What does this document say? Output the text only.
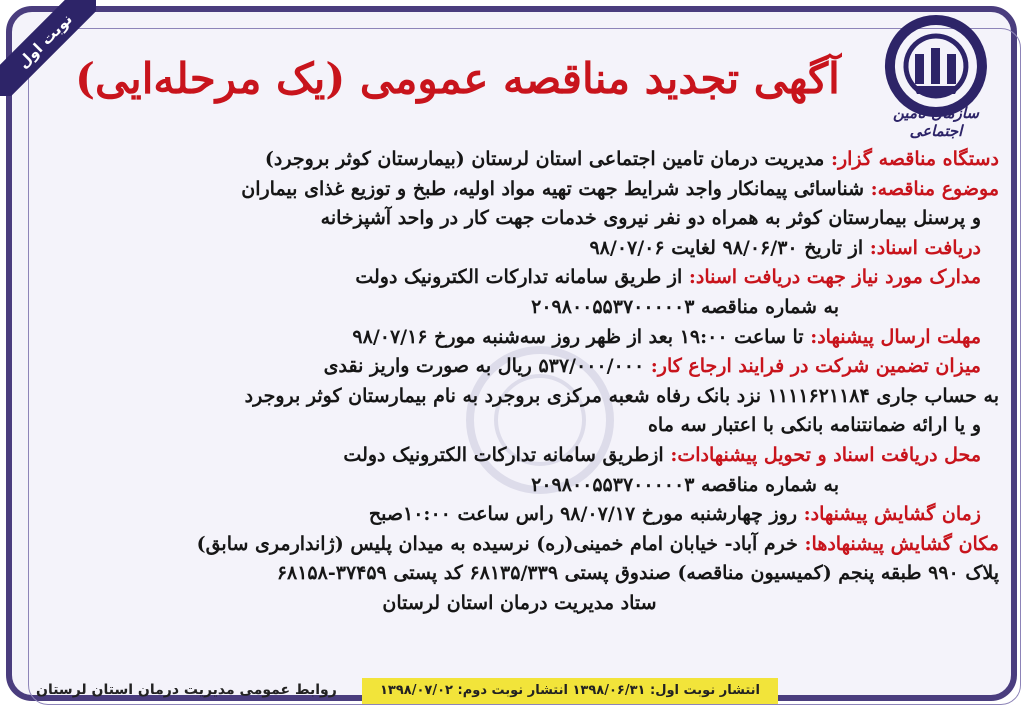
نوبت اول
سازمان تامین اجتماعی
آگهی تجدید مناقصه عمومی (یک مرحله‌ایی)
دستگاه مناقصه گزار: مدیریت درمان تامین اجتماعی استان لرستان (بیمارستان کوثر بروجرد)
موضوع مناقصه: شناسائی پیمانکار واجد شرایط جهت تهیه مواد اولیه، طبخ و توزیع غذای بیماران
و پرسنل بیمارستان کوثر به همراه دو نفر نیروی خدمات جهت کار در واحد آشپزخانه
دریافت اسناد: از تاریخ ۹۸/۰۶/۳۰ لغایت ۹۸/۰۷/۰۶
مدارک مورد نیاز جهت دریافت اسناد: از طریق سامانه تدارکات الکترونیک دولت
به شماره مناقصه ۲۰۹۸۰۰۵۵۳۷۰۰۰۰۰۳
مهلت ارسال پیشنهاد: تا ساعت ۱۹:۰۰ بعد از ظهر روز سه‌شنبه مورخ ۹۸/۰۷/۱۶
میزان تضمین شرکت در فرایند ارجاع کار: ۵۳۷/۰۰۰/۰۰۰ ریال به صورت واریز نقدی
به حساب جاری ۱۱۱۱۶۲۱۱۸۴ نزد بانک رفاه شعبه مرکزی بروجرد به نام بیمارستان کوثر بروجرد
و یا ارائه ضمانتنامه بانکی با اعتبار سه ماه
محل دریافت اسناد و تحویل پیشنهادات: ازطریق سامانه تدارکات الکترونیک دولت
به شماره مناقصه ۲۰۹۸۰۰۵۵۳۷۰۰۰۰۰۳
زمان گشایش پیشنهاد: روز چهارشنبه مورخ ۹۸/۰۷/۱۷ راس ساعت ۱۰:۰۰صبح
مکان گشایش پیشنهادها: خرم آباد- خیابان امام خمینی(ره) نرسیده به میدان پلیس (ژاندارمری سابق)
پلاک ۹۹۰ طبقه پنجم (کمیسیون مناقصه) صندوق پستی ۶۸۱۳۵/۳۳۹ کد پستی ۳۷۴۵۹-۶۸۱۵۸
ستاد مدیریت درمان استان لرستان
روابط عمومی مدیریت درمان استان لرستان	انتشار نوبت اول: ۱۳۹۸/۰۶/۳۱ انتشار نوبت دوم: ۱۳۹۸/۰۷/۰۲
